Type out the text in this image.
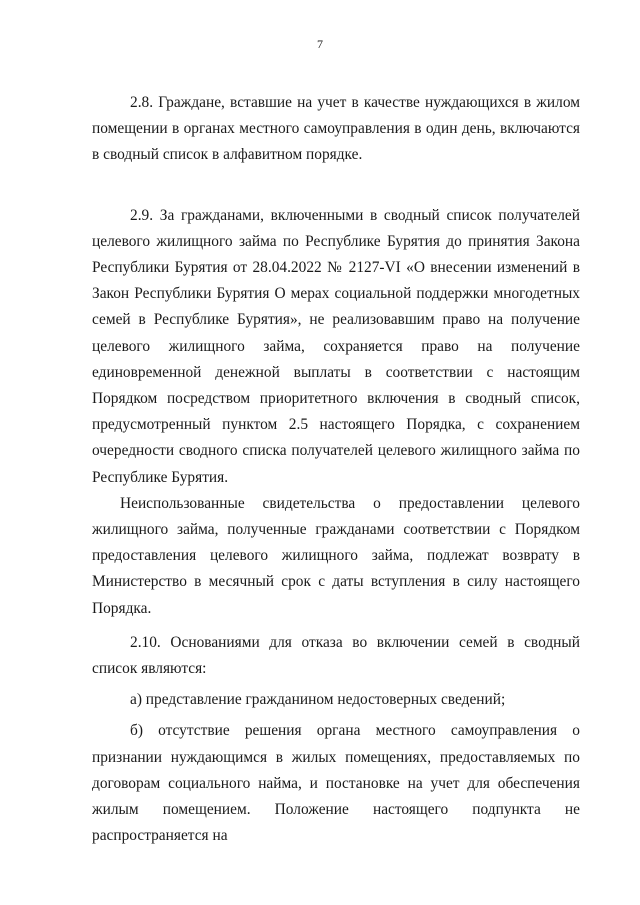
7

2.8. Граждане, вставшие на учет в качестве нуждающихся в жилом помещении в органах местного самоуправления в один день, включаются в сводный список в алфавитном порядке.

2.9. За гражданами, включенными в сводный список получателей целевого жилищного займа по Республике Бурятия до принятия Закона Республики Бурятия от 28.04.2022 № 2127-VI «О внесении изменений в Закон Республики Бурятия О мерах социальной поддержки многодетных семей в Республике Бурятия», не реализовавшим право на получение целевого жилищного займа, сохраняется право на получение единовременной денежной выплаты в соответствии с настоящим Порядком посредством приоритетного включения в сводный список, предусмотренный пунктом 2.5 настоящего Порядка, с сохранением очередности сводного списка получателей целевого жилищного займа по Республике Бурятия.

Неиспользованные свидетельства о предоставлении целевого жилищного займа, полученные гражданами соответствии с Порядком предоставления целевого жилищного займа, подлежат возврату в Министерство в месячный срок с даты вступления в силу настоящего Порядка.

2.10. Основаниями для отказа во включении семей в сводный список являются:

а) представление гражданином недостоверных сведений;

б) отсутствие решения органа местного самоуправления о признании нуждающимся в жилых помещениях, предоставляемых по договорам социального найма, и постановке на учет для обеспечения жилым помещением. Положение настоящего подпункта не распространяется на
